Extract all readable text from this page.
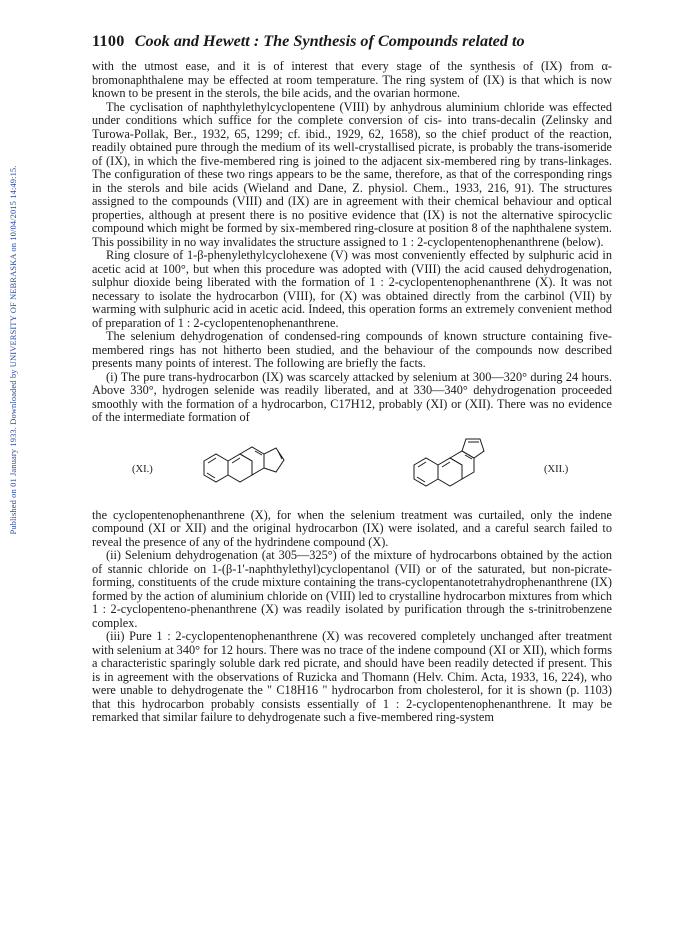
Published on 01 January 1933. Downloaded by UNIVERSITY OF NEBRASKA on 10/04/2015 14:49:15.
1100 Cook and Hewett : The Synthesis of Compounds related to

with the utmost ease, and it is of interest that every stage of the synthesis of (IX) from α-bromonaphthalene may be effected at room temperature. The ring system of (IX) is that which is now known to be present in the sterols, the bile acids, and the ovarian hormone.

The cyclisation of naphthylethylcyclopentene (VIII) by anhydrous aluminium chloride was effected under conditions which suffice for the complete conversion of cis- into trans-decalin (Zelinsky and Turowa-Pollak, Ber., 1932, 65, 1299; cf. ibid., 1929, 62, 1658), so the chief product of the reaction, readily obtained pure through the medium of its well-crystallised picrate, is probably the trans-isomeride of (IX), in which the five-membered ring is joined to the adjacent six-membered ring by trans-linkages. The configuration of these two rings appears to be the same, therefore, as that of the corresponding rings in the sterols and bile acids (Wieland and Dane, Z. physiol. Chem., 1933, 216, 91). The structures assigned to the compounds (VIII) and (IX) are in agreement with their chemical behaviour and optical properties, although at present there is no positive evidence that (IX) is not the alternative spirocyclic compound which might be formed by six-membered ring-closure at position 8 of the naphthalene system. This possibility in no way invalidates the structure assigned to 1 : 2-cyclopentenophenanthrene (below).

Ring closure of 1-β-phenylethylcyclohexene (V) was most conveniently effected by sulphuric acid in acetic acid at 100°, but when this procedure was adopted with (VIII) the acid caused dehydrogenation, sulphur dioxide being liberated with the formation of 1 : 2-cyclopentenophenanthrene (X). It was not necessary to isolate the hydrocarbon (VIII), for (X) was obtained directly from the carbinol (VII) by warming with sulphuric acid in acetic acid. Indeed, this operation forms an extremely convenient method of preparation of 1 : 2-cyclopentenophenanthrene.

The selenium dehydrogenation of condensed-ring compounds of known structure containing five-membered rings has not hitherto been studied, and the behaviour of the compounds now described presents many points of interest. The following are briefly the facts.

(i) The pure trans-hydrocarbon (IX) was scarcely attacked by selenium at 300—320° during 24 hours. Above 330°, hydrogen selenide was readily liberated, and at 330—340° dehydrogenation proceeded smoothly with the formation of a hydrocarbon, C17H12, probably (XI) or (XII). There was no evidence of the intermediate formation of

(XI.)	(XII.)

the cyclopentenophenanthrene (X), for when the selenium treatment was curtailed, only the indene compound (XI or XII) and the original hydrocarbon (IX) were isolated, and a careful search failed to reveal the presence of any of the hydrindene compound (X).

(ii) Selenium dehydrogenation (at 305—325°) of the mixture of hydrocarbons obtained by the action of stannic chloride on 1-(β-1'-naphthylethyl)cyclopentanol (VII) or of the saturated, but non-picrate-forming, constituents of the crude mixture containing the trans-cyclopentanotetrahydrophenanthrene (IX) formed by the action of aluminium chloride on (VIII) led to crystalline hydrocarbon mixtures from which 1 : 2-cyclopenteno-phenanthrene (X) was readily isolated by purification through the s-trinitrobenzene complex.

(iii) Pure 1 : 2-cyclopentenophenanthrene (X) was recovered completely unchanged after treatment with selenium at 340° for 12 hours. There was no trace of the indene compound (XI or XII), which forms a characteristic sparingly soluble dark red picrate, and should have been readily detected if present. This is in agreement with the observations of Ruzicka and Thomann (Helv. Chim. Acta, 1933, 16, 224), who were unable to dehydrogenate the " C18H16 " hydrocarbon from cholesterol, for it is shown (p. 1103) that this hydrocarbon probably consists essentially of 1 : 2-cyclopentenophenanthrene. It may be remarked that similar failure to dehydrogenate such a five-membered ring-system
